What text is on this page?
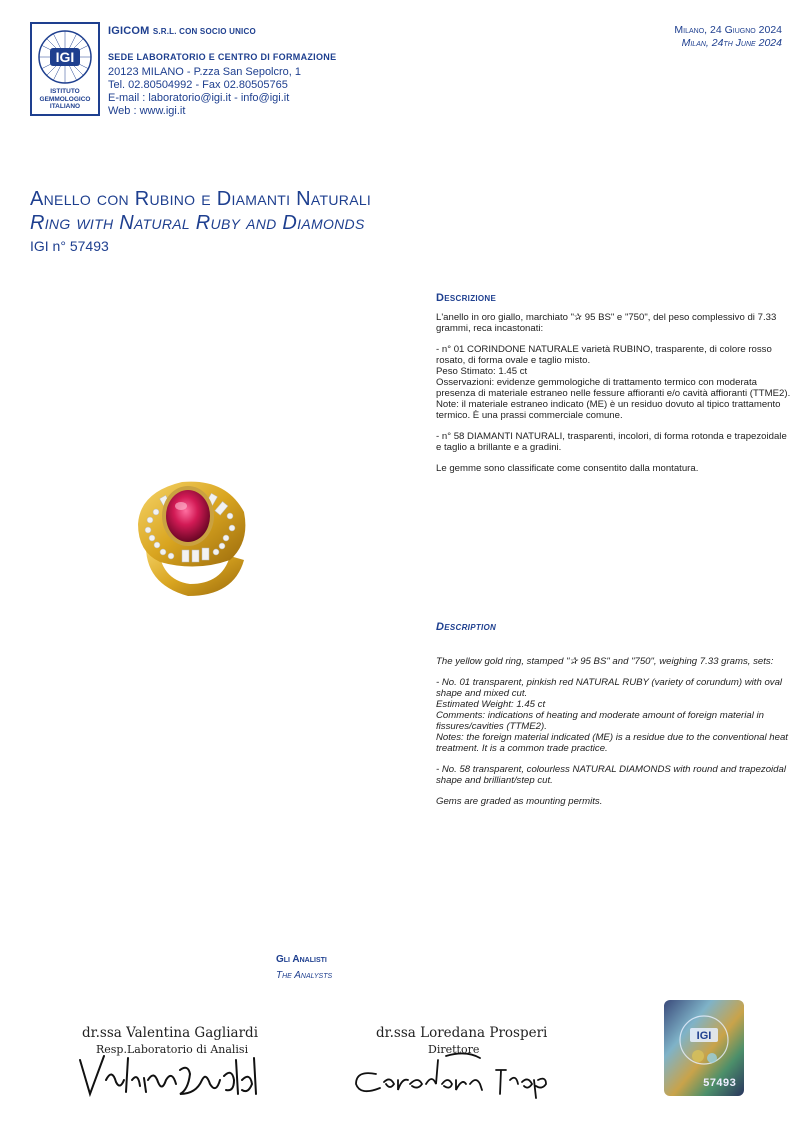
IGI
ISTITUTO
GEMMOLOGICO
ITALIANO
IGICOM S.R.L. CON SOCIO UNICO
SEDE LABORATORIO E CENTRO DI FORMAZIONE
20123 MILANO - P.zza San Sepolcro, 1
Tel. 02.80504992 - Fax 02.80505765
E-mail : laboratorio@igi.it - info@igi.it
Web : www.igi.it
Milano, 24 Giugno 2024
Milan, 24th June 2024
Anello con Rubino e Diamanti Naturali
Ring with Natural Ruby and Diamonds
IGI n° 57493
Descrizione

L'anello in oro giallo, marchiato "✰ 95 BS" e "750", del peso complessivo di 7.33 grammi, reca incastonati:

- n° 01 CORINDONE NATURALE varietà RUBINO, trasparente, di colore rosso rosato, di forma ovale e taglio misto.
Peso Stimato: 1.45 ct
Osservazioni: evidenze gemmologiche di trattamento termico con moderata presenza di materiale estraneo nelle fessure affioranti e/o cavità affioranti (TTME2).
Note: il materiale estraneo indicato (ME) è un residuo dovuto al tipico trattamento termico. È una prassi commerciale comune.

- n° 58 DIAMANTI NATURALI, trasparenti, incolori, di forma rotonda e trapezoidale e taglio a brillante e a gradini.

Le gemme sono classificate come consentito dalla montatura.

Description

The yellow gold ring, stamped "✰ 95 BS" and "750", weighing 7.33 grams, sets:

- No. 01 transparent, pinkish red NATURAL RUBY (variety of corundum) with oval shape and mixed cut.
Estimated Weight: 1.45 ct
Comments: indications of heating and moderate amount of foreign material in fissures/cavities (TTME2).
Notes: the foreign material indicated (ME) is a residue due to the conventional heat treatment. It is a common trade practice.

- No. 58 transparent, colourless NATURAL DIAMONDS with round and trapezoidal shape and brilliant/step cut.

Gems are graded as mounting permits.

Gli Analisti
The Analysts
dr.ssa Valentina Gagliardi
Resp.Laboratorio di Analisi
dr.ssa Loredana Prosperi
Direttore
IGI
57493
